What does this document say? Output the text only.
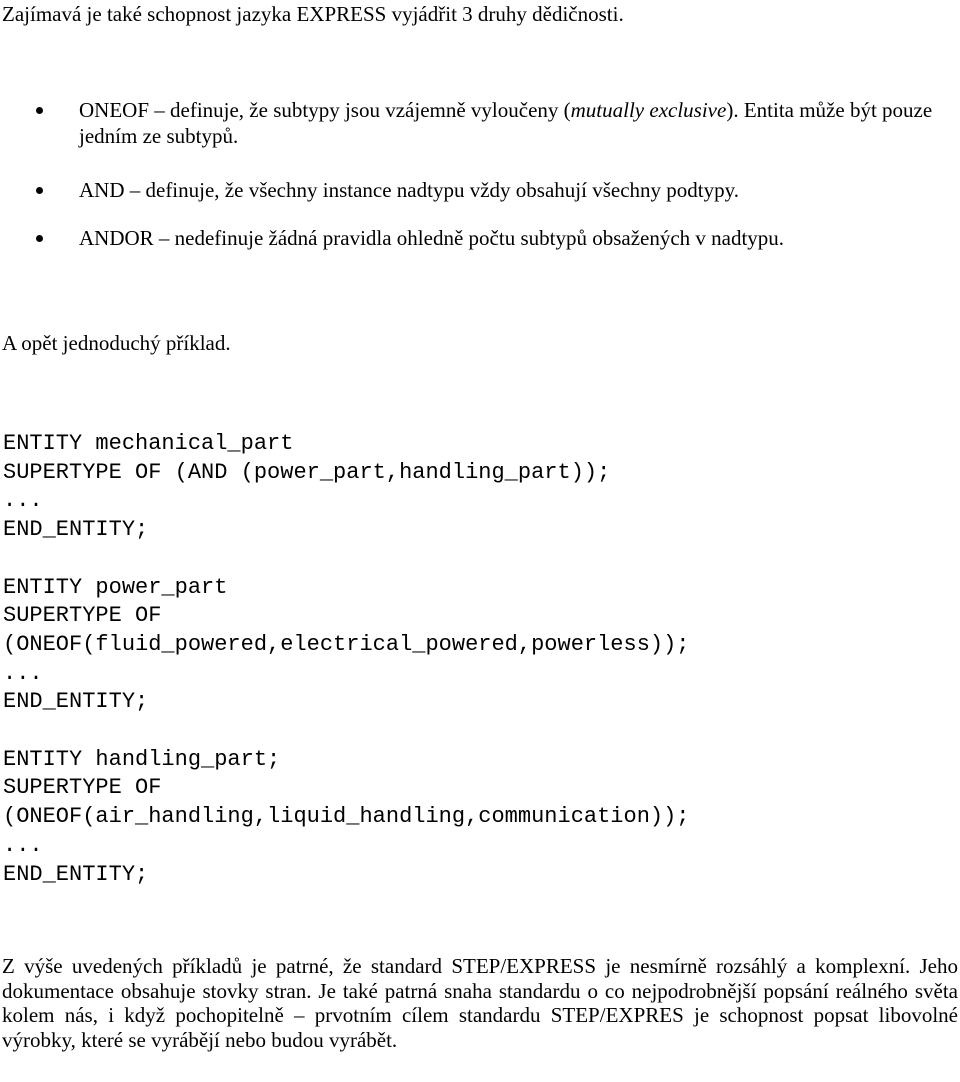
Zajímavá je také schopnost jazyka EXPRESS vyjádřit 3 druhy dědičnosti.
ONEOF – definuje, že subtypy jsou vzájemně vyloučeny (mutually exclusive). Entita může být pouze jedním ze subtypů.
AND – definuje, že všechny instance nadtypu vždy obsahují všechny podtypy.
ANDOR – nedefinuje žádná pravidla ohledně počtu subtypů obsažených v nadtypu.
A opět jednoduchý příklad.
ENTITY mechanical_part
SUPERTYPE OF (AND (power_part,handling_part));
...
END_ENTITY;

ENTITY power_part
SUPERTYPE OF
(ONEOF(fluid_powered,electrical_powered,powerless));
...
END_ENTITY;

ENTITY handling_part;
SUPERTYPE OF
(ONEOF(air_handling,liquid_handling,communication));
...
END_ENTITY;

Z výše uvedených příkladů je patrné, že standard STEP/EXPRESS je nesmírně rozsáhlý a komplexní. Jeho dokumentace obsahuje stovky stran. Je také patrná snaha standardu o co nejpodrobnější popsání reálného světa kolem nás, i když pochopitelně – prvotním cílem standardu STEP/EXPRES je schopnost popsat libovolné výrobky, které se vyrábějí nebo budou vyrábět.
